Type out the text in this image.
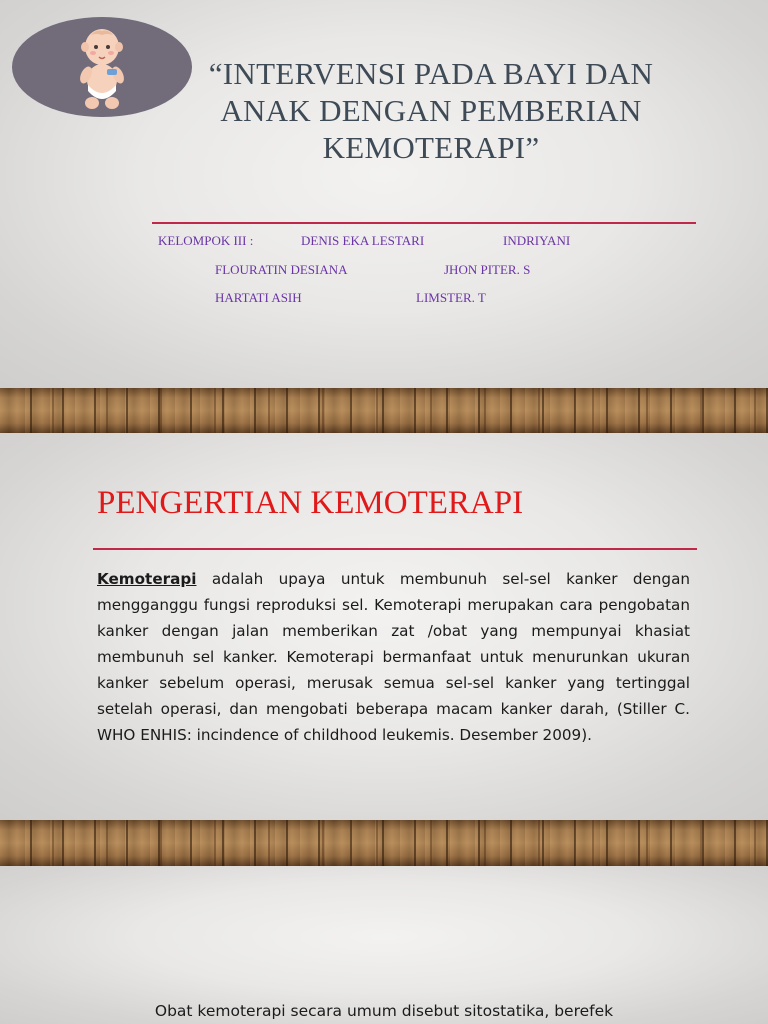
“INTERVENSI PADA BAYI DAN ANAK DENGAN PEMBERIAN KEMOTERAPI”
KELOMPOK III :	DENIS EKA LESTARI	INDRIYANI
FLOURATIN DESIANA	JHON PITER. S
HARTATI ASIH	LIMSTER. T
PENGERTIAN KEMOTERAPI
Kemoterapi adalah upaya untuk membunuh sel-sel kanker dengan mengganggu fungsi reproduksi sel. Kemoterapi merupakan cara pengobatan kanker dengan jalan memberikan zat /obat yang mempunyai khasiat membunuh sel kanker. Kemoterapi bermanfaat untuk menurunkan ukuran kanker sebelum operasi, merusak semua sel-sel kanker yang tertinggal setelah operasi, dan mengobati beberapa macam kanker darah, (Stiller C. WHO ENHIS: incindence of childhood leukemis. Desember 2009).
Obat kemoterapi secara umum disebut sitostatika, berefek
